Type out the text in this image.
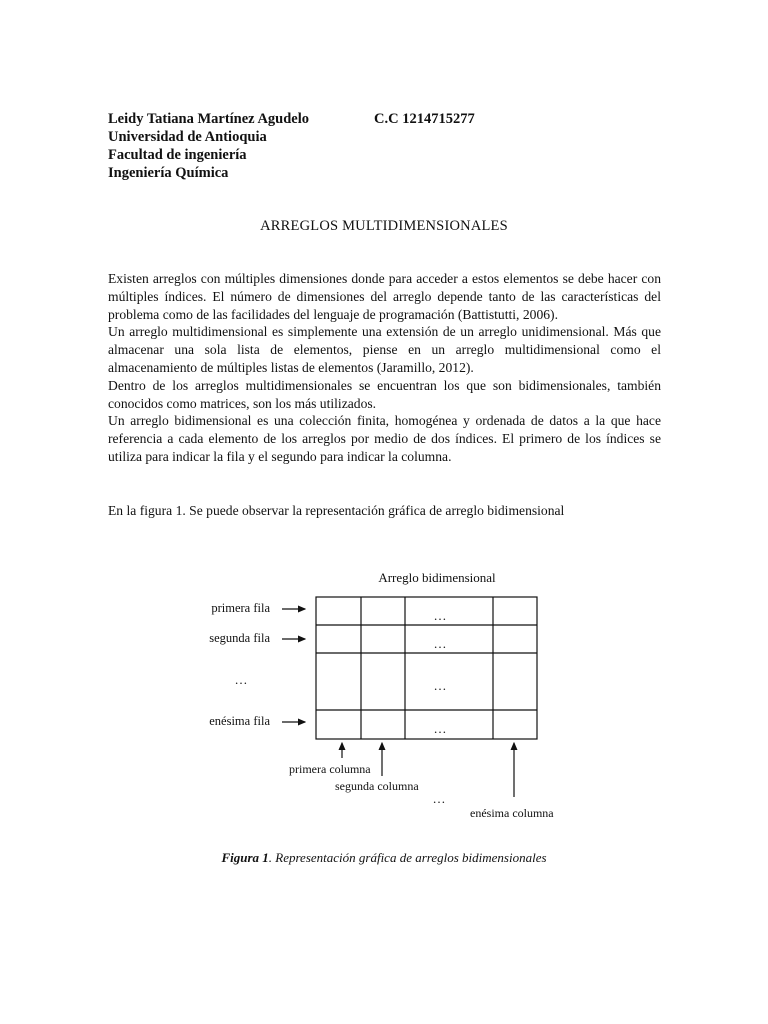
Leidy Tatiana Martínez Agudelo	C.C 1214715277
Universidad de Antioquia
Facultad de ingeniería
Ingeniería Química
ARREGLOS MULTIDIMENSIONALES

Existen arreglos con múltiples dimensiones donde para acceder a estos elementos se debe hacer con múltiples índices. El número de dimensiones del arreglo depende tanto de las características del problema como de las facilidades del lenguaje de programación (Battistutti, 2006).

Un arreglo multidimensional es simplemente una extensión de un arreglo unidimensional. Más que almacenar una sola lista de elementos, piense en un arreglo multidimensional como el almacenamiento de múltiples listas de elementos (Jaramillo, 2012).

Dentro de los arreglos multidimensionales se encuentran los que son bidimensionales, también conocidos como matrices, son los más utilizados.

Un arreglo bidimensional es una colección finita, homogénea y ordenada de datos a la que hace referencia a cada elemento de los arreglos por medio de dos índices. El primero de los índices se utiliza para indicar la fila y el segundo para indicar la columna.

En la figura 1. Se puede observar la representación gráfica de arreglo bidimensional
Arreglo bidimensional
…
…
…
…
primera fila
segunda fila
…
enésima fila
primera columna
segunda columna
…
enésima columna
Figura 1. Representación gráfica de arreglos bidimensionales
